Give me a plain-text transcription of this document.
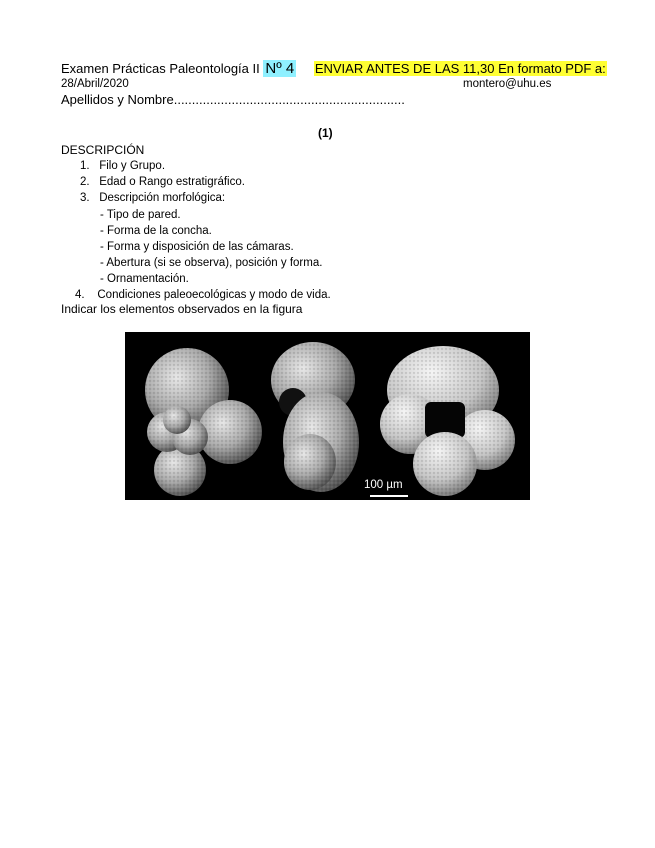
Examen Prácticas Paleontología II Nº 4 ENVIAR ANTES DE LAS 11,30 En formato PDF a:
28/Abril/2020	montero@uhu.es
Apellidos y Nombre................................................................
(1)
DESCRIPCIÓN
1. Filo y Grupo.
2. Edad o Rango estratigráfico.
3. Descripción morfológica:
- Tipo de pared.
- Forma de la concha.
- Forma y disposición de las cámaras.
- Abertura (si se observa), posición y forma.
- Ornamentación.
4. Condiciones paleoecológicas y modo de vida.
Indicar los elementos observados en la figura
100 µm
